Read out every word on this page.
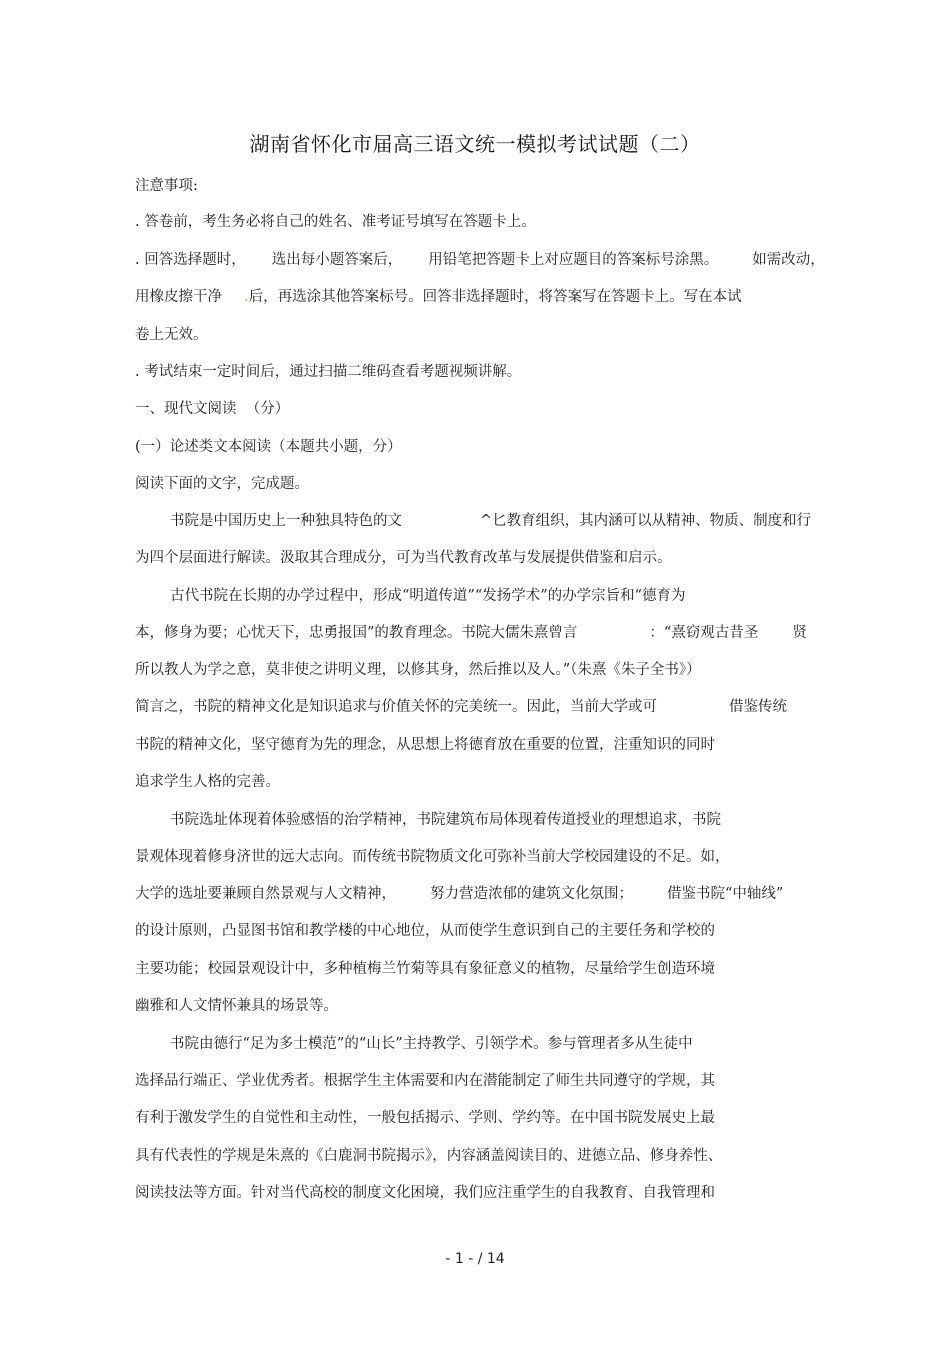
湖南省怀化市届高三语文统一模拟考试试题（二）
注意事项:
. 答卷前，考生务必将自己的姓名、准考证号填写在答题卡上。
. 回答选择题时， 选出每小题答案后， 用铅笔把答题卡上对应题目的答案标号涂黑。 如需改动，
用橡皮擦干净 .后，再选涂其他答案标号。回答非选择题时，将答案写在答题卡上。写在本试
卷上无效。
. 考试结束一定时间后，通过扫描二维码查看考题视频讲解。
一、现代文阅读  （分）
(一）论述类文本阅读（本题共小题，分）
阅读下面的文字，完成题。
书院是中国历史上一种独具特色的文	^匕教育组织，其内涵可以从精神、物质、制度和行
为四个层面进行解读。汲取其合理成分，可为当代教育改革与发展提供借鉴和启示。
古代书院在长期的办学过程中，形成“明道传道”“发扬学术”的办学宗旨和“德育为
本，修身为要；心忧天下，忠勇报国”的教育理念。书院大儒朱熹曾言	：“熹窃观古昔圣 贤
所以教人为学之意，莫非使之讲明义理，以修其身，然后推以及人。”（朱熹《朱子全书》）
简言之，书院的精神文化是知识追求与价值关怀的完美统一。因此，当前大学或可	借鉴传统
书院的精神文化，坚守德育为先的理念，从思想上将德育放在重要的位置，注重知识的同时
追求学生人格的完善。
书院选址体现着体验感悟的治学精神，书院建筑布局体现着传道授业的理想追求，书院
景观体现着修身济世的远大志向。而传统书院物质文化可弥补当前大学校园建设的不足。如，
大学的选址要兼顾自然景观与人文精神， 努力营造浓郁的建筑文化氛围； 借鉴书院“中轴线”
的设计原则，凸显图书馆和教学楼的中心地位，从而使学生意识到自己的主要任务和学校的
主要功能；校园景观设计中，多种植梅兰竹菊等具有象征意义的植物，尽量给学生创造环境
幽雅和人文情怀兼具的场景等。
书院由德行“足为多士模范”的“山长”主持教学、引领学术。参与管理者多从生徒中
选择品行端正、学业优秀者。根据学生主体需要和内在潜能制定了师生共同遵守的学规，其
有利于激发学生的自觉性和主动性，一般包括揭示、学则、学约等。在中国书院发展史上最
具有代表性的学规是朱熹的《白鹿洞书院揭示》，内容涵盖阅读目的、进德立品、修身养性、
阅读技法等方面。针对当代高校的制度文化困境，我们应注重学生的自我教育、自我管理和
- 1 - / 14
